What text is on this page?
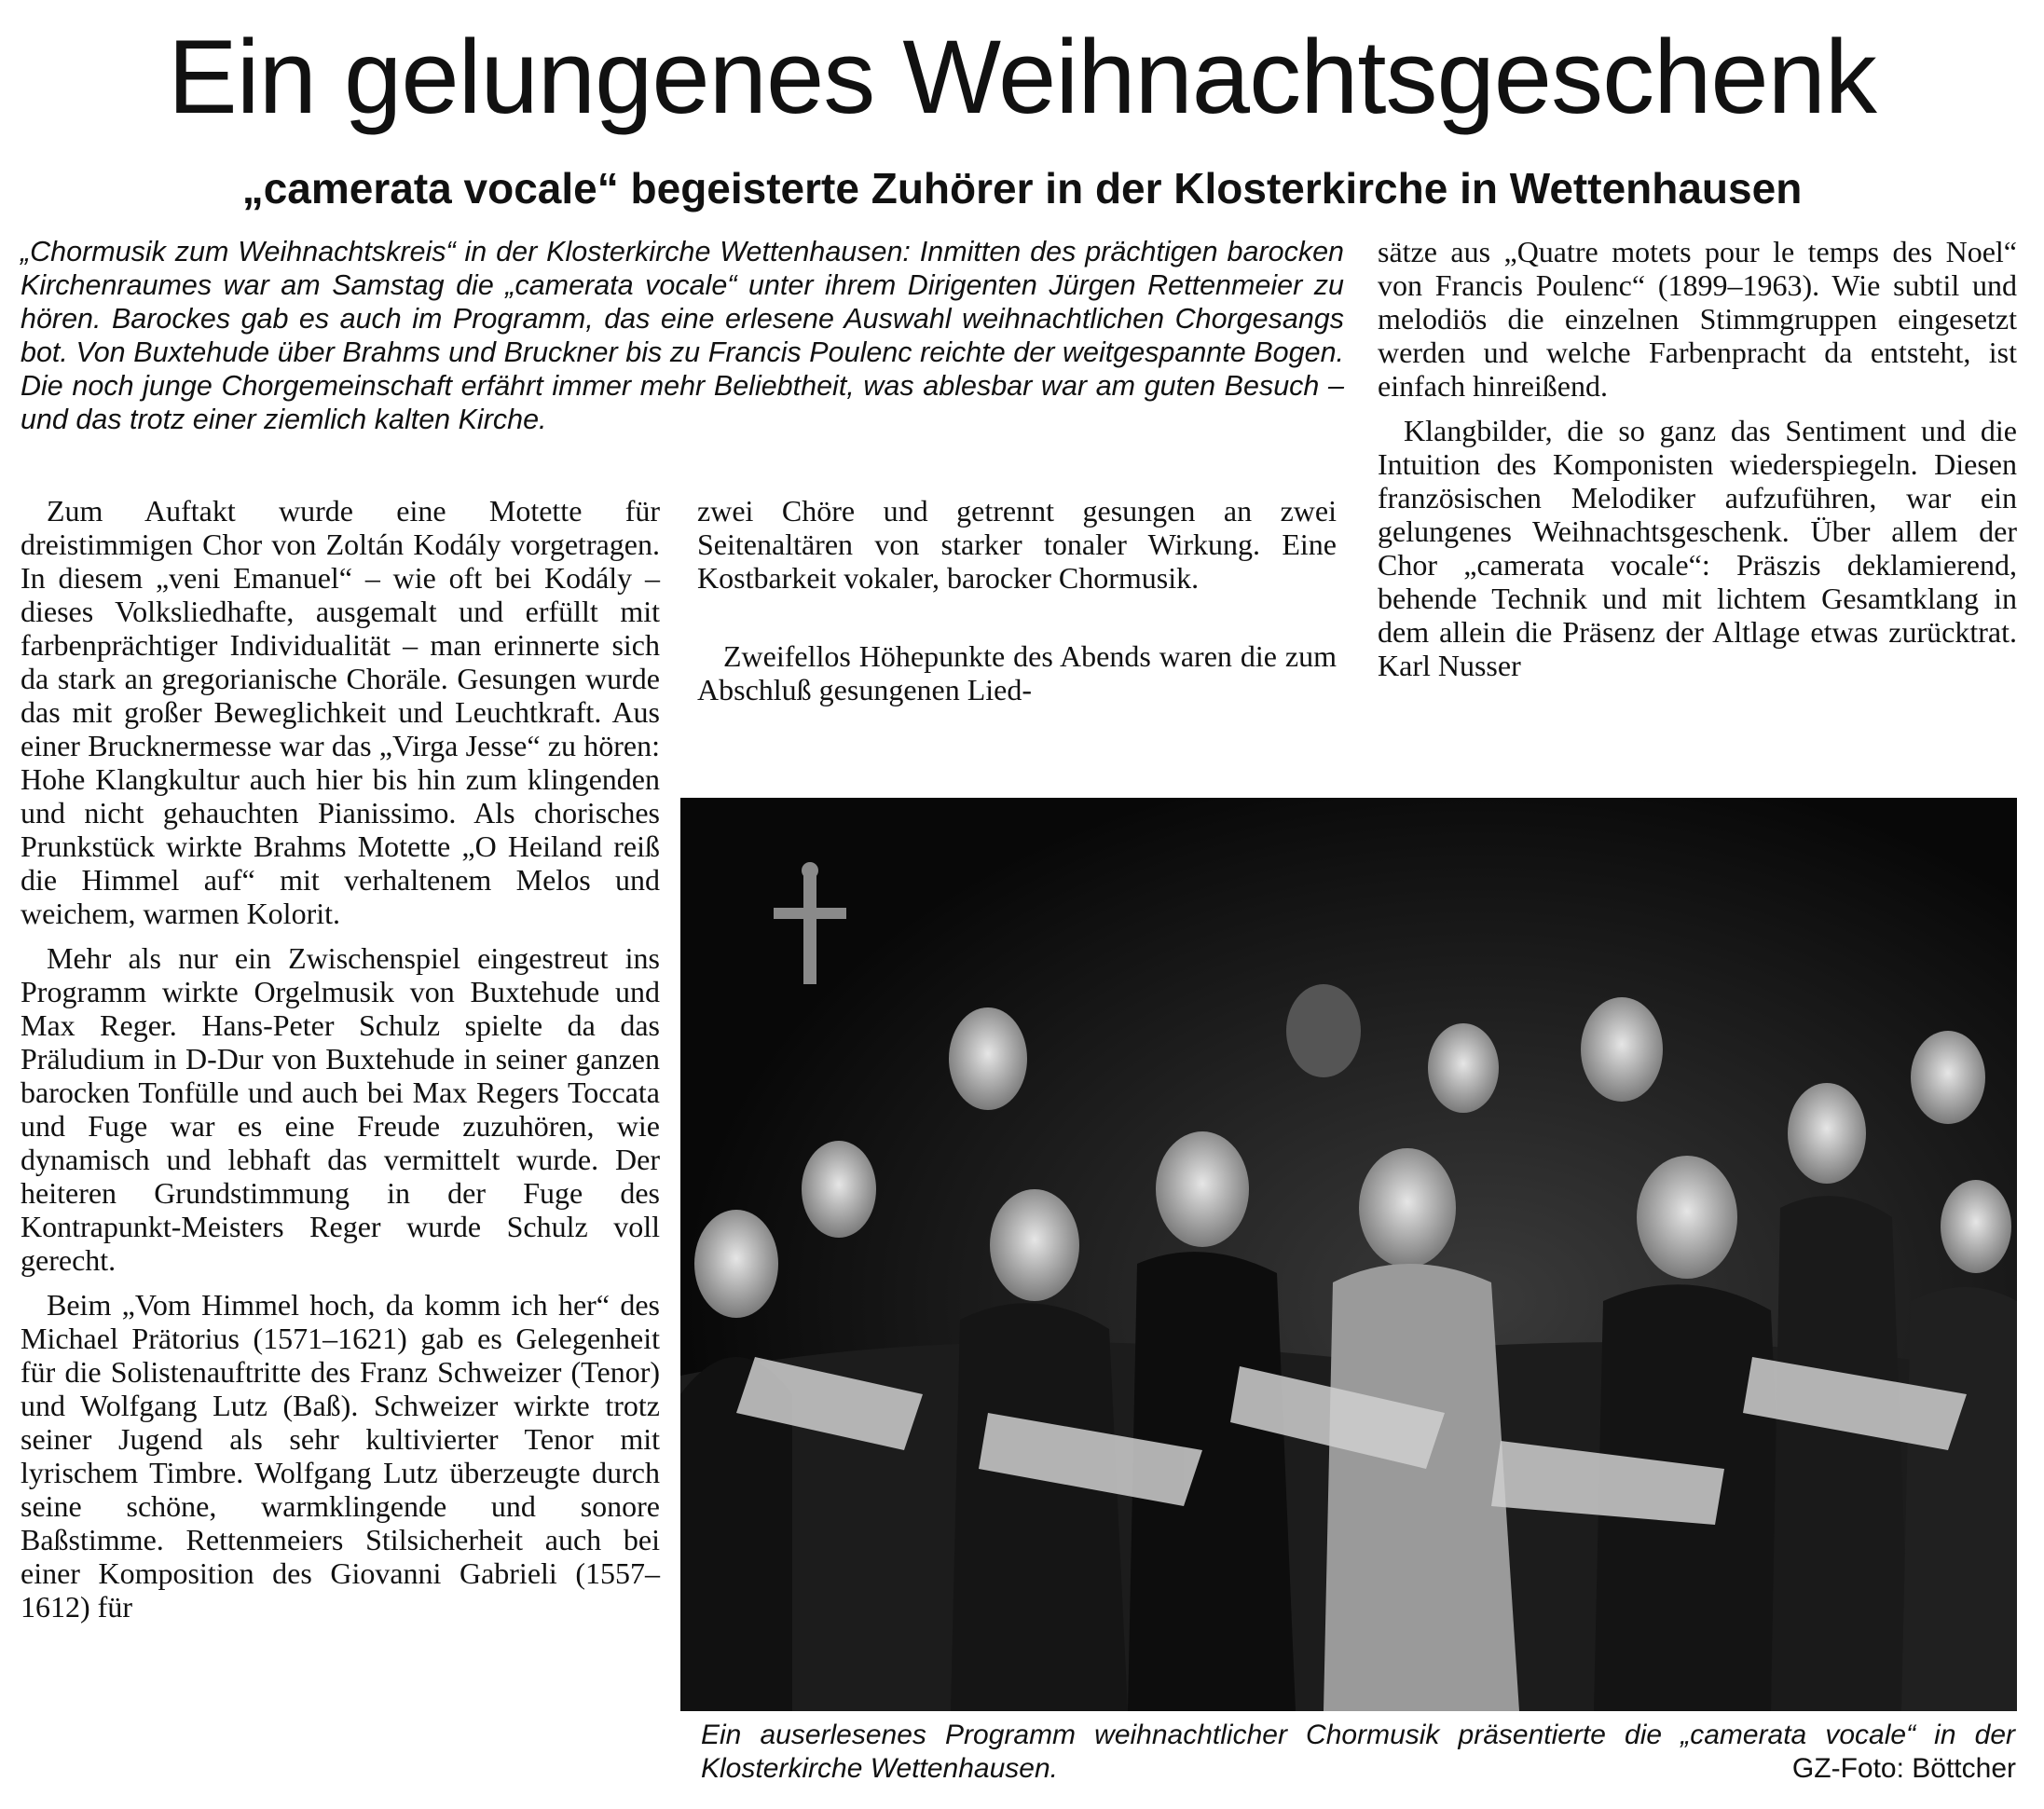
Ein gelungenes Weihnachtsgeschenk
„camerata vocale“ begeisterte Zuhörer in der Klosterkirche in Wettenhausen

„Chormusik zum Weihnachtskreis“ in der Klosterkirche Wettenhausen: Inmitten des prächtigen barocken Kirchenraumes war am Samstag die „camerata vocale“ unter ihrem Dirigenten Jürgen Rettenmeier zu hören. Barockes gab es auch im Programm, das eine erlesene Auswahl weihnachtlichen Chorgesangs bot. Von Buxtehude über Brahms und Bruckner bis zu Francis Poulenc reichte der weitgespannte Bogen. Die noch junge Chorgemeinschaft erfährt immer mehr Beliebtheit, was ablesbar war am guten Besuch – und das trotz einer ziemlich kalten Kirche.

Zum Auftakt wurde eine Motette für dreistimmigen Chor von Zoltán Kodály vorgetragen. In diesem „veni Emanuel“ – wie oft bei Kodály – dieses Volksliedhafte, ausgemalt und erfüllt mit farbenprächtiger Individualität – man erinnerte sich da stark an gregorianische Choräle. Gesungen wurde das mit großer Beweglichkeit und Leuchtkraft. Aus einer Brucknermesse war das „Virga Jesse“ zu hören: Hohe Klangkultur auch hier bis hin zum klingenden und nicht gehauchten Pianissimo. Als chorisches Prunkstück wirkte Brahms Motette „O Heiland reiß die Himmel auf“ mit verhaltenem Melos und weichem, warmen Kolorit.

Mehr als nur ein Zwischenspiel eingestreut ins Programm wirkte Orgelmusik von Buxtehude und Max Reger. Hans-Peter Schulz spielte da das Präludium in D-Dur von Buxtehude in seiner ganzen barocken Tonfülle und auch bei Max Regers Toccata und Fuge war es eine Freude zuzuhören, wie dynamisch und lebhaft das vermittelt wurde. Der heiteren Grundstimmung in der Fuge des Kontrapunkt-Meisters Reger wurde Schulz voll gerecht.

Beim „Vom Himmel hoch, da komm ich her“ des Michael Prätorius (1571–1621) gab es Gelegenheit für die Solistenauftritte des Franz Schweizer (Tenor) und Wolfgang Lutz (Baß). Schweizer wirkte trotz seiner Jugend als sehr kultivierter Tenor mit lyrischem Timbre. Wolfgang Lutz überzeugte durch seine schöne, warmklingende und sonore Baßstimme. Rettenmeiers Stilsicherheit auch bei einer Komposition des Giovanni Gabrieli (1557–1612) für

zwei Chöre und getrennt gesungen an zwei Seitenaltären von starker tonaler Wirkung. Eine Kostbarkeit vokaler, barocker Chormusik.

Zweifellos Höhepunkte des Abends waren die zum Abschluß gesungenen Lied-

sätze aus „Quatre motets pour le temps des Noel“ von Francis Poulenc“ (1899–1963). Wie subtil und melodiös die einzelnen Stimmgruppen eingesetzt werden und welche Farbenpracht da entsteht, ist einfach hinreißend.

Klangbilder, die so ganz das Sentiment und die Intuition des Komponisten wiederspiegeln. Diesen französischen Melodiker aufzuführen, war ein gelungenes Weihnachtsgeschenk. Über allem der Chor „camerata vocale“: Präszis deklamierend, behende Technik und mit lichtem Gesamtklang in dem allein die Präsenz der Altlage etwas zurücktrat. Karl Nusser

Ein auserlesenes Programm weihnachtlicher Chormusik präsentierte die „camerata vocale“ in der Klosterkirche Wettenhausen.	GZ-Foto: Böttcher
